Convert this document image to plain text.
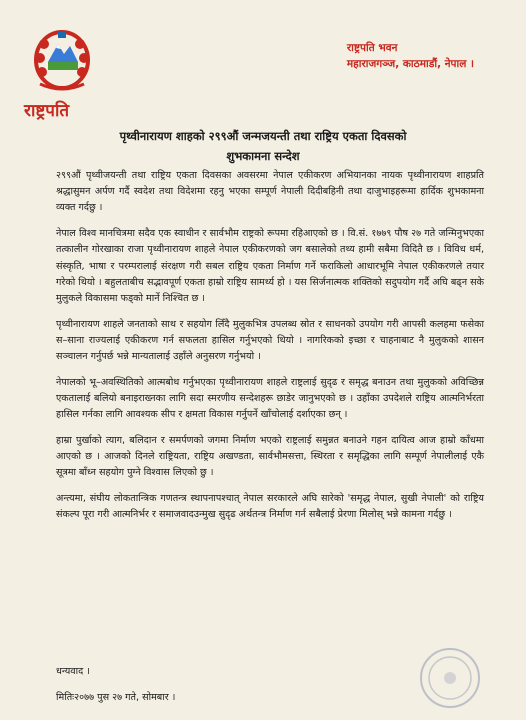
राष्ट्रपति
राष्ट्रपति भवन
महाराजगञ्ज, काठमाडौं, नेपाल ।
पृथ्वीनारायण शाहको २९९औं जन्मजयन्ती तथा राष्ट्रिय एकता दिवसको
शुभकामना सन्देश

२९९औं पृथ्वीजयन्ती तथा राष्ट्रिय एकता दिवसका अवसरमा नेपाल एकीकरण अभियानका नायक पृथ्वीनारायण शाहप्रति श्रद्धासुमन अर्पण गर्दै स्वदेश तथा विदेशमा रहनु भएका सम्पूर्ण नेपाली दिदीबहिनी तथा दाजुभाइहरूमा हार्दिक शुभकामना व्यक्त गर्दछु ।

नेपाल विश्व मानचित्रमा सदैव एक स्वाधीन र सार्वभौम राष्ट्रको रूपमा रहिआएको छ । वि.सं. १७७९ पौष २७ गते जन्मिनुभएका तत्कालीन गोरखाका राजा पृथ्वीनारायण शाहले नेपाल एकीकरणको जग बसालेको तथ्य हामी सबैमा विदितै छ । विविध धर्म, संस्कृति, भाषा र परम्परालाई संरक्षण गरी सबल राष्ट्रिय एकता निर्माण गर्ने फराकिलो आधारभूमि नेपाल एकीकरणले तयार गरेको थियो । बहुलताबीच सद्भावपूर्ण एकता हाम्रो राष्ट्रिय सामर्थ्य हो । यस सिर्जनात्मक शक्तिको सदुपयोग गर्दै अघि बढ्न सके मुलुकले विकासमा फड्को मार्ने निश्चित छ ।

पृथ्वीनारायण शाहले जनताको साथ र सहयोग लिँदै मुलुकभित्र उपलब्ध स्रोत र साधनको उपयोग गरी आपसी कलहमा फसेका स–साना राज्यलाई एकीकरण गर्न सफलता हासिल गर्नुभएको थियो । नागरिकको इच्छा र चाहनाबाट नै मुलुकको शासन सञ्चालन गर्नुपर्छ भन्ने मान्यतालाई उहाँले अनुसरण गर्नुभयो ।

नेपालको भू–अवस्थितिको आत्मबोध गर्नुभएका पृथ्वीनारायण शाहले राष्ट्रलाई सुदृढ र समृद्ध बनाउन तथा मुलुकको अविच्छिन्न एकतालाई बलियो बनाइराख्नका लागि सदा स्मरणीय सन्देशहरू छाडेर जानुभएको छ । उहाँका उपदेशले राष्ट्रिय आत्मनिर्भरता हासिल गर्नका लागि आवश्यक सीप र क्षमता विकास गर्नुपर्ने खाँचोलाई दर्शाएका छन् ।

हाम्रा पुर्खाको त्याग, बलिदान र समर्पणको जगमा निर्माण भएको राष्ट्रलाई समुन्नत बनाउने गहन दायित्व आज हाम्रो काँधमा आएको छ । आजको दिनले राष्ट्रियता, राष्ट्रिय अखण्डता, सार्वभौमसत्ता, स्थिरता र समृद्धिका लागि सम्पूर्ण नेपालीलाई एकै सूत्रमा बाँध्न सहयोग पुग्ने विश्वास लिएको छु ।

अन्त्यमा, संघीय लोकतान्त्रिक गणतन्त्र स्थापनापश्चात् नेपाल सरकारले अघि सारेको 'समृद्ध नेपाल, सुखी नेपाली' को राष्ट्रिय संकल्प पूरा गरी आत्मनिर्भर र समाजवादउन्मुख सुदृढ अर्थतन्त्र निर्माण गर्न सबैलाई प्रेरणा मिलोस् भन्ने कामना गर्दछु ।

धन्यवाद ।
मितिः२०७७ पुस २७ गते, सोमबार ।
